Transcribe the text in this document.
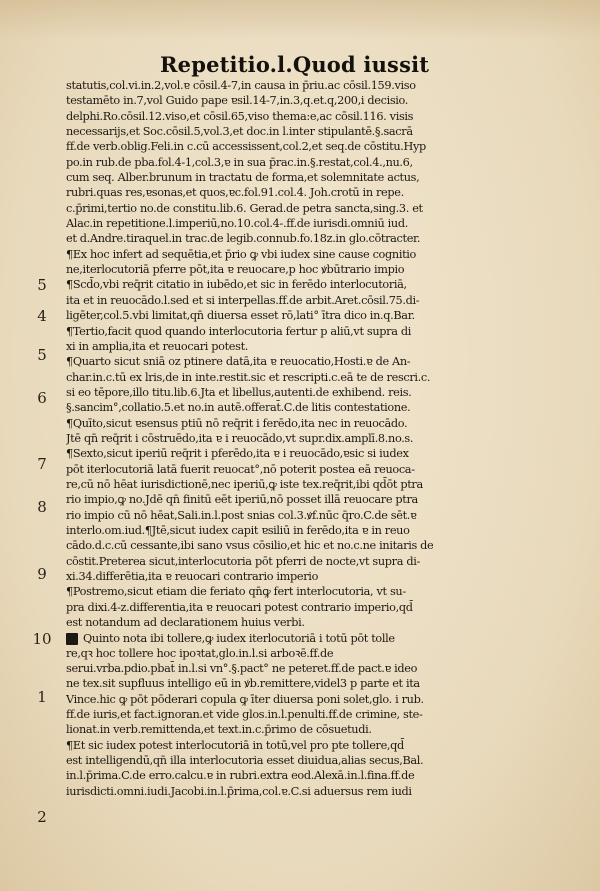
Repetitio.l.Quod iussit
statutis,col.vi.in.2,vol.ɐ cōsil.4-7,in causa in p̄riu.ac cōsil.159.viso
testamēto in.7,vol Guido pape ɐsil.14-7,in.3,q.et.q,200,i decisio.
delphi.Ro.cōsil.12.viso,et cōsil.65,viso thema:e,ac cōsil.116. visis
necessarijs,et Soc.cōsil.5,vol.3,et doc.in l.inter stipulantē.§.sacrā
ff.de verb.oblig.Feli.in c.cū accessissent,col.2,et seq.de cōstitu.Hyp
po.in rub.de pba.fol.4-1,col.3,ɐ in sua p̄rac.in.§.restat,col.4.,nu.6,
cum seq. Alber.brunum in tractatu de forma,et solemnitate actus,
rubri.quas res,ɐsonas,et quos,ɐc.fol.91.col.4. Joh.crotū in repe.
c.p̄rimi,tertio no.de constitu.lib.6. Gerad.de petra sancta,sing.3. et
Alac.in repetitione.l.imperiū,no.10.col.4-.ff.de iurisdi.omniū iud.
et d.Andre.tiraquel.in trac.de legib.connub.fo.18z.in glo.cōtracter.
¶Ex hoc infert ad sequētia,et p̄rio ꝙ vbi iudex sine cause cognitio
ne,iterlocutoriā pferre pōt,ita ɐ reuocare,p hoc ꝟbūtrario impio
¶Scd̄o,vbi req̄rit citatio in iubēdo,et sic in ferēdo interlocutoriā,
ita et in reuocādo.l.sed et si interpellas.ff.de arbit.Aret.cōsil.75.di-
ligēter,col.5.vbi limitat,qn̄ diuersa esset rō,lati° ītra dico in.q.Bar.
¶Tertio,facit quod quando interlocutoria fertur p aliū,vt supra di
xi in amplia,ita et reuocari potest.
¶Quarto sicut sniā oz ptinere datā,ita ɐ reuocatio,Hosti.ɐ de An-
char.in.c.tū ex lris,de in inte.restit.sic et rescripti.c.eā te de rescri.c.
si eo tēpore,illo titu.lib.6.Jta et libellus,autenti.de exhibend. reis.
§.sancim°,collatio.5.et no.in autē.offerat̄.C.de litis contestatione.
¶Quīto,sicut ɐsensus ptiū nō req̄rit i ferēdo,ita nec in reuocādo.
Jtē qn̄ req̄rit i cōstruēdo,ita ɐ i reuocādo,vt supr.dix.amplī.8.no.s.
¶Sexto,sicut iperiū req̄rit i pferēdo,ita ɐ i reuocādo,ɐsic si iudex
pōt iterlocutoriā latā fuerit reuocat°,nō poterit postea eā reuoca-
re,cū nō hēat iurisdictionē,nec iperiū,ꝙ iste tex.req̄rit,ibi qd̄ōt ptra
rio impio,ꝙ no.Jdē qn̄ finitū eēt iperiū,nō posset illā reuocare ptra
rio impio cū nō hēat,Sali.in.l.post snias col.3.ꝟf.nūc q̄ro.C.de sēt.ɐ
interlo.om.iud.¶Jtē,sicut iudex capit ɐsiliū in ferēdo,ita ɐ in reuo
cādo.d.c.cū cessante,ibi sano vsus cōsilio,et hic et no.c.ne initaris de
cōstit.Preterea sicut,interlocutoria pōt pferri de nocte,vt supra di-
xi.34.differētia,ita ɐ reuocari contrario imperio
¶Postremo,sicut etiam die feriato qn̄ꝙ fert interlocutoria, vt su-
pra dixi.4-z.differentia,ita ɐ reuocari potest contrario imperio,qd̄
est notandum ad declarationem huius verbi.
Quinto nota ibi tollere,ꝙ iudex iterlocutoriā i totū pōt tolle
re,qꝛ hoc tollere hoc ipoꝛtat,glo.in.l.si arboꝛē.ff.de
serui.vrba.pdio.pbat̄ in.l.si vn°.§.pact° ne peteret.ff.de pact.ɐ ideo
ne tex.sit supfluus intelligo eū in ꝟb.remittere,videl3 p parte et ita
Vince.hic ꝙ pōt pōderari copula ꝙ īter diuersa poni solet,glo. i rub.
ff.de iuris,et fact.ignoran.et vide glos.in.l.penulti.ff.de crimine, ste-
lionat.in verb.remittenda,et text.in.c.p̄rimo de cōsuetudi.
¶Et sic iudex potest interlocutoriā in totū,vel pro pte tollere,qd̄
est intelligendū,qn̄ illa interlocutoria esset diuidua,alias secus,Bal.
in.l.p̄rima.C.de erro.calcu.ɐ in rubri.extra eod.Alexā.in.l.fina.ff.de
iurisdicti.omni.iudi.Jacobi.in.l.p̄rima,col.ɐ.C.si aduersus rem iudi
5
4
5
6
7
8
9
10
1
2
